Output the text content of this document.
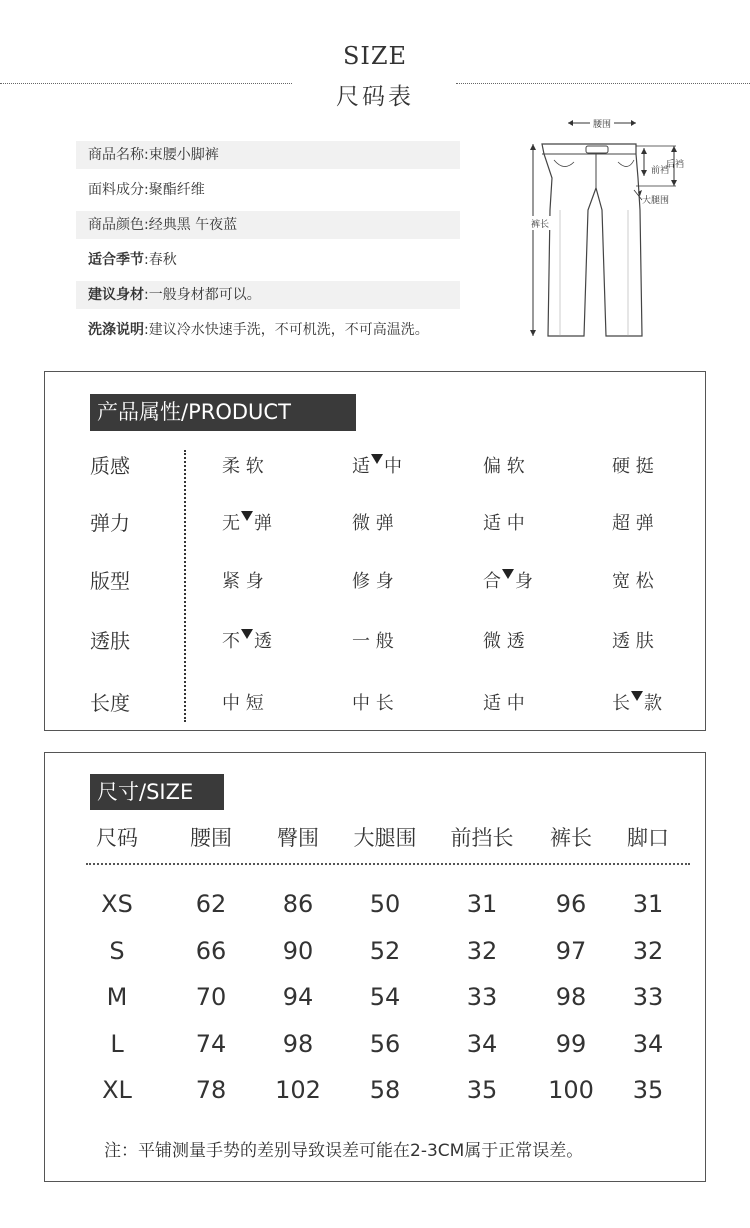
SIZE
尺码表
商品名称:束腰小脚裤
面料成分:聚酯纤维
商品颜色:经典黑 午夜蓝
适合季节:春秋
建议身材:一般身材都可以。
洗涤说明:建议冷水快速手洗，不可机洗，不可高温洗。
腰围
裤长
前裆
后裆
大腿围
产品属性/PRODUCT
质感	柔 软	适 中	偏 软	硬 挺
弹力	无 弹	微 弹	适 中	超 弹
版型	紧 身	修 身	合 身	宽 松
透肤	不 透	一 般	微 透	透 肤
长度	中 短	中 长	适 中	长 款
尺寸/SIZE
尺码	腰围	臀围	大腿围	前挡长	裤长	脚口
XS	62	86	50	31	96	31
S	66	90	52	32	97	32
M	70	94	54	33	98	33
L	74	98	56	34	99	34
XL	78	102	58	35	100	35
注：平铺测量手势的差别导致误差可能在2-3CM属于正常误差。
